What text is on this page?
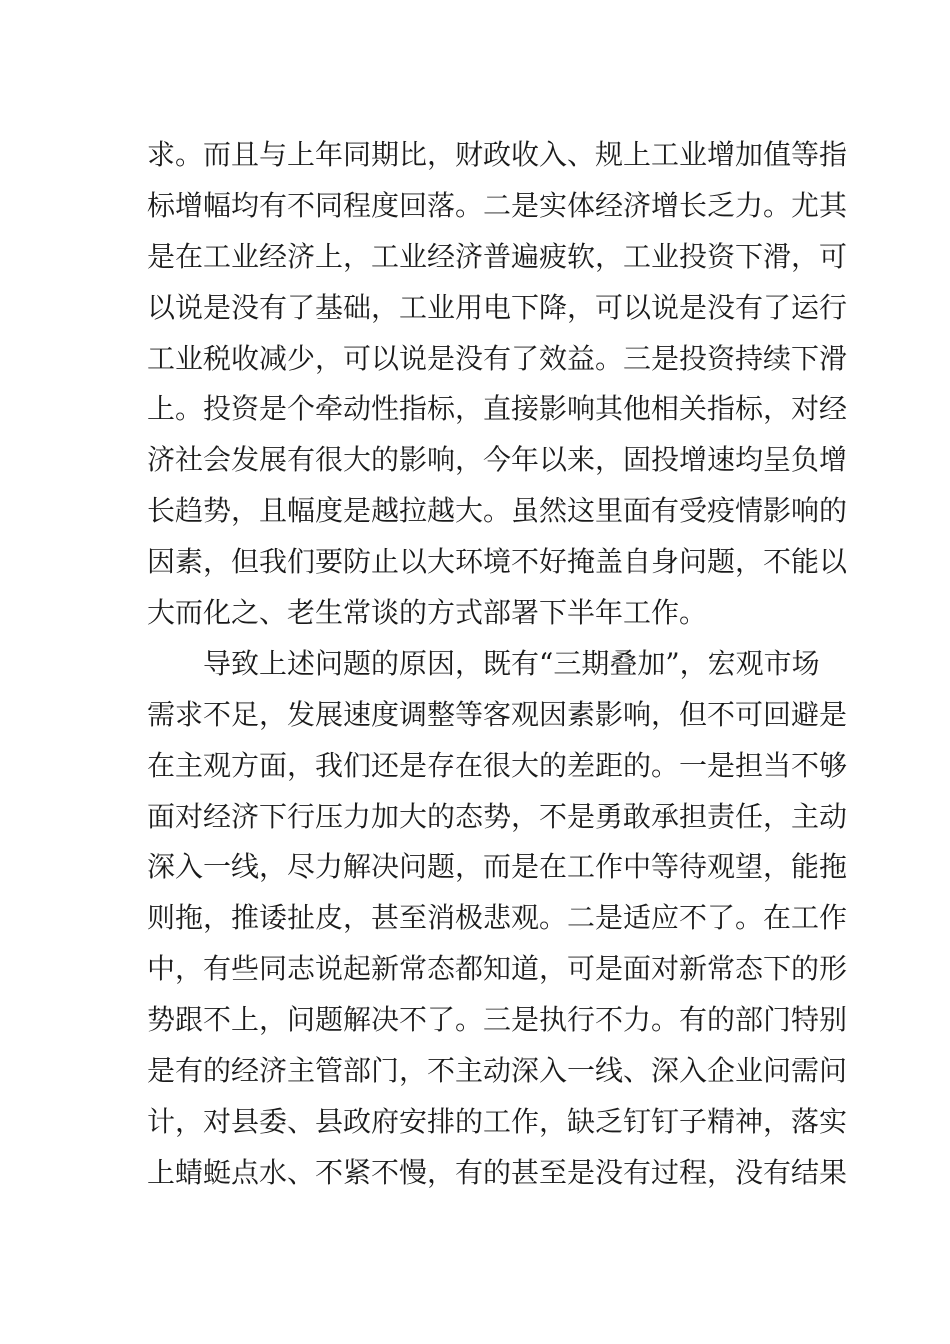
求。而且与上年同期比，财政收入、规上工业增加值等指
标增幅均有不同程度回落。二是实体经济增长乏力。尤其
是在工业经济上，工业经济普遍疲软，工业投资下滑，可
以说是没有了基础，工业用电下降，可以说是没有了运行
工业税收减少，可以说是没有了效益。三是投资持续下滑
上。投资是个牵动性指标，直接影响其他相关指标，对经
济社会发展有很大的影响，今年以来，固投增速均呈负增
长趋势，且幅度是越拉越大。虽然这里面有受疫情影响的
因素，但我们要防止以大环境不好掩盖自身问题，不能以
大而化之、老生常谈的方式部署下半年工作。
导致上述问题的原因，既有“三期叠加”，宏观市场
需求不足，发展速度调整等客观因素影响，但不可回避是
在主观方面，我们还是存在很大的差距的。一是担当不够
面对经济下行压力加大的态势，不是勇敢承担责任，主动
深入一线，尽力解决问题，而是在工作中等待观望，能拖
则拖，推诿扯皮，甚至消极悲观。二是适应不了。在工作
中，有些同志说起新常态都知道，可是面对新常态下的形
势跟不上，问题解决不了。三是执行不力。有的部门特别
是有的经济主管部门，不主动深入一线、深入企业问需问
计，对县委、县政府安排的工作，缺乏钉钉子精神，落实
上蜻蜓点水、不紧不慢，有的甚至是没有过程，没有结果
